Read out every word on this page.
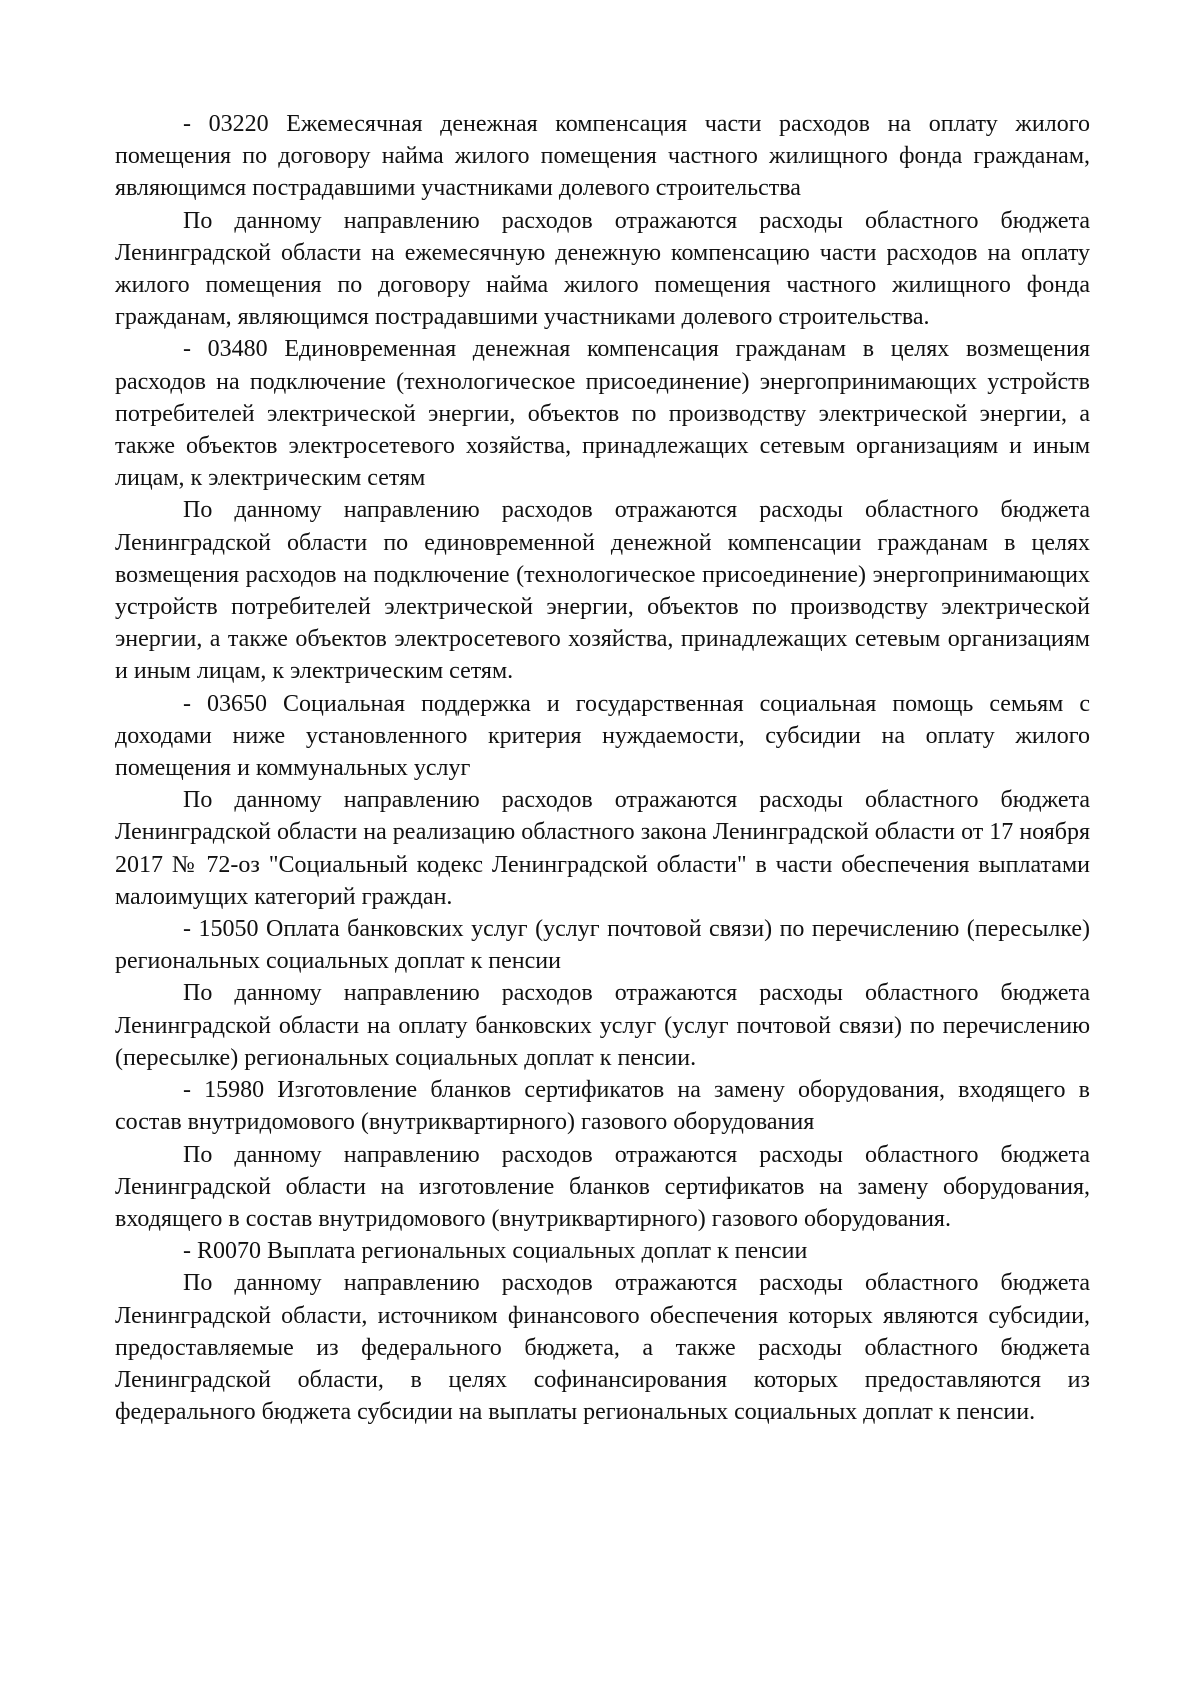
- 03220 Ежемесячная денежная компенсация части расходов на оплату жилого помещения по договору найма жилого помещения частного жилищного фонда гражданам, являющимся пострадавшими участниками долевого строительства

По данному направлению расходов отражаются расходы областного бюджета Ленинградской области на ежемесячную денежную компенсацию части расходов на оплату жилого помещения по договору найма жилого помещения частного жилищного фонда гражданам, являющимся пострадавшими участниками долевого строительства.

- 03480 Единовременная денежная компенсация гражданам в целях возмещения расходов на подключение (технологическое присоединение) энергопринимающих устройств потребителей электрической энергии, объектов по производству электрической энергии, а также объектов электросетевого хозяйства, принадлежащих сетевым организациям и иным лицам, к электрическим сетям

По данному направлению расходов отражаются расходы областного бюджета Ленинградской области по единовременной денежной компенсации гражданам в целях возмещения расходов на подключение (технологическое присоединение) энергопринимающих устройств потребителей электрической энергии, объектов по производству электрической энергии, а также объектов электросетевого хозяйства, принадлежащих сетевым организациям и иным лицам, к электрическим сетям.

- 03650 Социальная поддержка и государственная социальная помощь семьям с доходами ниже установленного критерия нуждаемости, субсидии на оплату жилого помещения и коммунальных услуг

По данному направлению расходов отражаются расходы областного бюджета Ленинградской области на реализацию областного закона Ленинградской области от 17 ноября 2017 № 72-оз "Социальный кодекс Ленинградской области" в части обеспечения выплатами малоимущих категорий граждан.

- 15050 Оплата банковских услуг (услуг почтовой связи) по перечислению (пересылке) региональных социальных доплат к пенсии

По данному направлению расходов отражаются расходы областного бюджета Ленинградской области на оплату банковских услуг (услуг почтовой связи) по перечислению (пересылке) региональных социальных доплат к пенсии.

- 15980 Изготовление бланков сертификатов на замену оборудования, входящего в состав внутридомового (внутриквартирного) газового оборудования

По данному направлению расходов отражаются расходы областного бюджета Ленинградской области на изготовление бланков сертификатов на замену оборудования, входящего в состав внутридомового (внутриквартирного) газового оборудования.

- R0070 Выплата региональных социальных доплат к пенсии

По данному направлению расходов отражаются расходы областного бюджета Ленинградской области, источником финансового обеспечения которых являются субсидии, предоставляемые из федерального бюджета, а также расходы областного бюджета Ленинградской области, в целях софинансирования которых предоставляются из федерального бюджета субсидии на выплаты региональных социальных доплат к пенсии.
